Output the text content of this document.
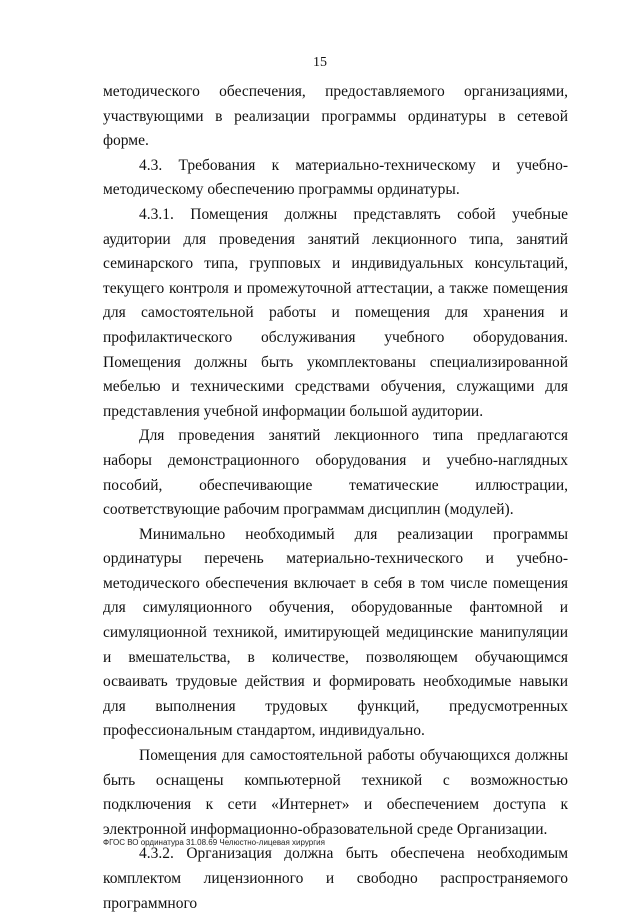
15

методического обеспечения, предоставляемого организациями, участвующими в реализации программы ординатуры в сетевой форме.

4.3. Требования к материально-техническому и учебно-методическому обеспечению программы ординатуры.

4.3.1. Помещения должны представлять собой учебные аудитории для проведения занятий лекционного типа, занятий семинарского типа, групповых и индивидуальных консультаций, текущего контроля и промежуточной аттестации, а также помещения для самостоятельной работы и помещения для хранения и профилактического обслуживания учебного оборудования. Помещения должны быть укомплектованы специализированной мебелью и техническими средствами обучения, служащими для представления учебной информации большой аудитории.

Для проведения занятий лекционного типа предлагаются наборы демонстрационного оборудования и учебно-наглядных пособий, обеспечивающие тематические иллюстрации, соответствующие рабочим программам дисциплин (модулей).

Минимально необходимый для реализации программы ординатуры перечень материально-технического и учебно-методического обеспечения включает в себя в том числе помещения для симуляционного обучения, оборудованные фантомной и симуляционной техникой, имитирующей медицинские манипуляции и вмешательства, в количестве, позволяющем обучающимся осваивать трудовые действия и формировать необходимые навыки для выполнения трудовых функций, предусмотренных профессиональным стандартом, индивидуально.

Помещения для самостоятельной работы обучающихся должны быть оснащены компьютерной техникой с возможностью подключения к сети «Интернет» и обеспечением доступа к электронной информационно-образовательной среде Организации.

4.3.2. Организация должна быть обеспечена необходимым комплектом лицензионного и свободно распространяемого программного

ФГОС ВО ординатура 31.08.69 Челюстно-лицевая хирургия
